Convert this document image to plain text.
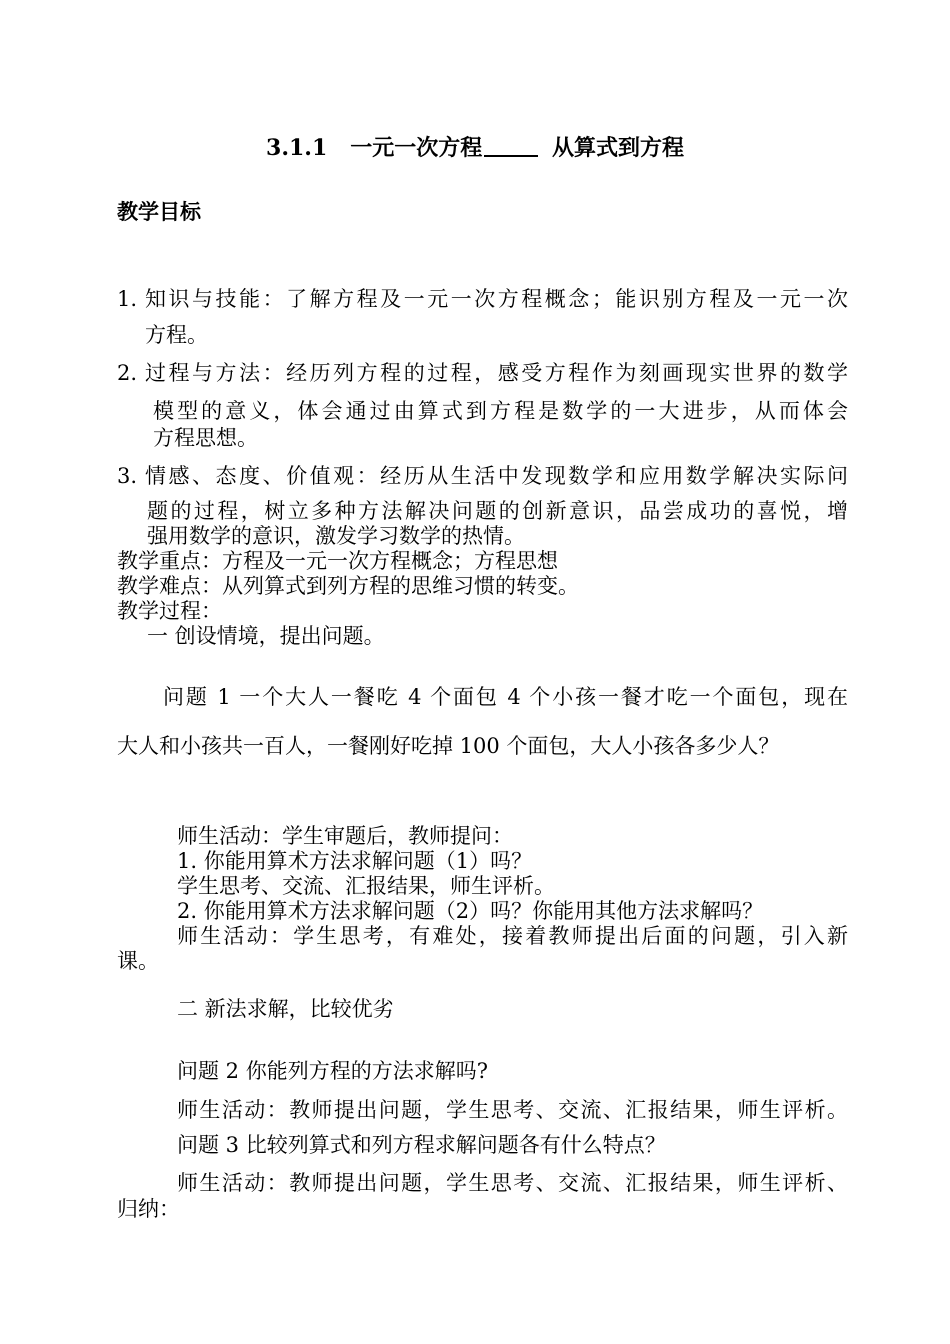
3.1.1 一元一次方程	从算式到方程
教学目标
1. 知识与技能：了解方程及一元一次方程概念；能识别方程及一元一次
方程。
2. 过程与方法：经历列方程的过程，感受方程作为刻画现实世界的数学
模型的意义，体会通过由算式到方程是数学的一大进步，从而体会
方程思想。
3. 情感、态度、价值观：经历从生活中发现数学和应用数学解决实际问
题的过程，树立多种方法解决问题的创新意识，品尝成功的喜悦，增
强用数学的意识，激发学习数学的热情。
教学重点：方程及一元一次方程概念；方程思想
教学难点：从列算式到列方程的思维习惯的转变。
教学过程：
一 创设情境，提出问题。
问题 1 一个大人一餐吃 4 个面包 4 个小孩一餐才吃一个面包，现在
大人和小孩共一百人，一餐刚好吃掉 100 个面包，大人小孩各多少人？
师生活动：学生审题后，教师提问：
1. 你能用算术方法求解问题（1）吗？
学生思考、交流、汇报结果，师生评析。
2. 你能用算术方法求解问题（2）吗？你能用其他方法求解吗？
师生活动：学生思考，有难处，接着教师提出后面的问题，引入新
课。
二 新法求解，比较优劣
问题 2 你能列方程的方法求解吗?
师生活动：教师提出问题，学生思考、交流、汇报结果，师生评析。
问题 3 比较列算式和列方程求解问题各有什么特点？
师生活动：教师提出问题，学生思考、交流、汇报结果，师生评析、
归纳：
